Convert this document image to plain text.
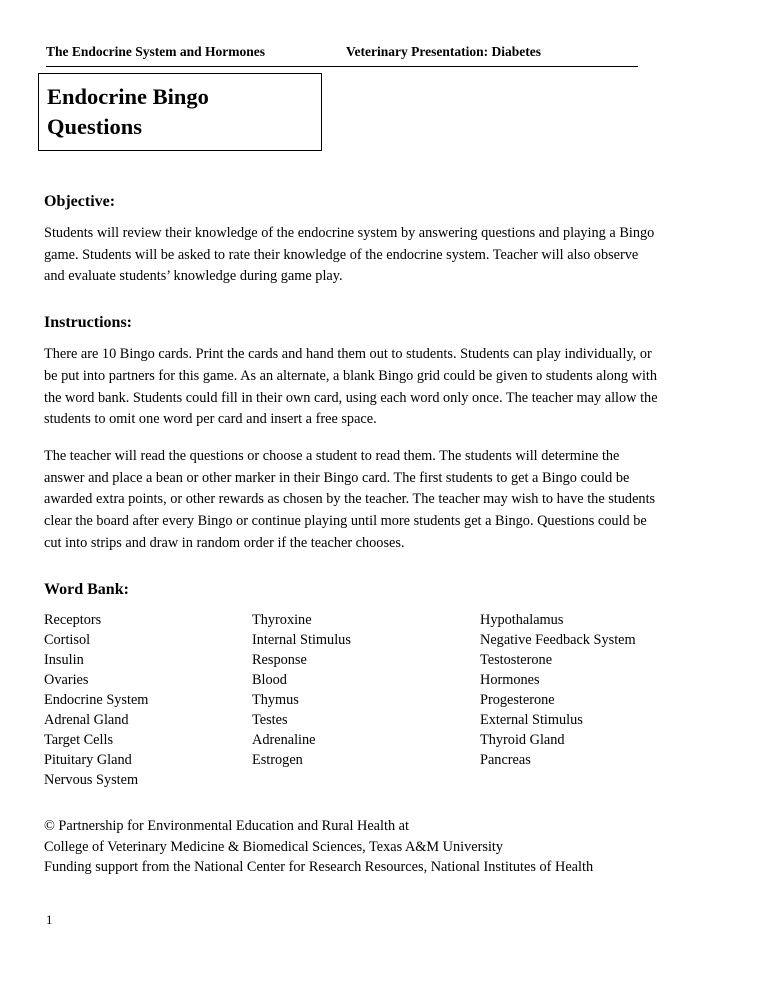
The Endocrine System and Hormones	Veterinary Presentation: Diabetes
Endocrine Bingo
Questions
Objective:

Students will review their knowledge of the endocrine system by answering questions and playing a Bingo game. Students will be asked to rate their knowledge of the endocrine system. Teacher will also observe and evaluate students’ knowledge during game play.

Instructions:

There are 10 Bingo cards. Print the cards and hand them out to students. Students can play individually, or be put into partners for this game. As an alternate, a blank Bingo grid could be given to students along with the word bank. Students could fill in their own card, using each word only once. The teacher may allow the students to omit one word per card and insert a free space.

The teacher will read the questions or choose a student to read them. The students will determine the answer and place a bean or other marker in their Bingo card. The first students to get a Bingo could be awarded extra points, or other rewards as chosen by the teacher. The teacher may wish to have the students clear the board after every Bingo or continue playing until more students get a Bingo. Questions could be cut into strips and draw in random order if the teacher chooses.

Word Bank:
Receptors
Cortisol
Insulin
Ovaries
Endocrine System
Adrenal Gland
Target Cells
Pituitary Gland
Nervous System
Thyroxine
Internal Stimulus
Response
Blood
Thymus
Testes
Adrenaline
Estrogen
Hypothalamus
Negative Feedback System
Testosterone
Hormones
Progesterone
External Stimulus
Thyroid Gland
Pancreas
© Partnership for Environmental Education and Rural Health at
College of Veterinary Medicine & Biomedical Sciences, Texas A&M University
Funding support from the National Center for Research Resources, National Institutes of Health
1
